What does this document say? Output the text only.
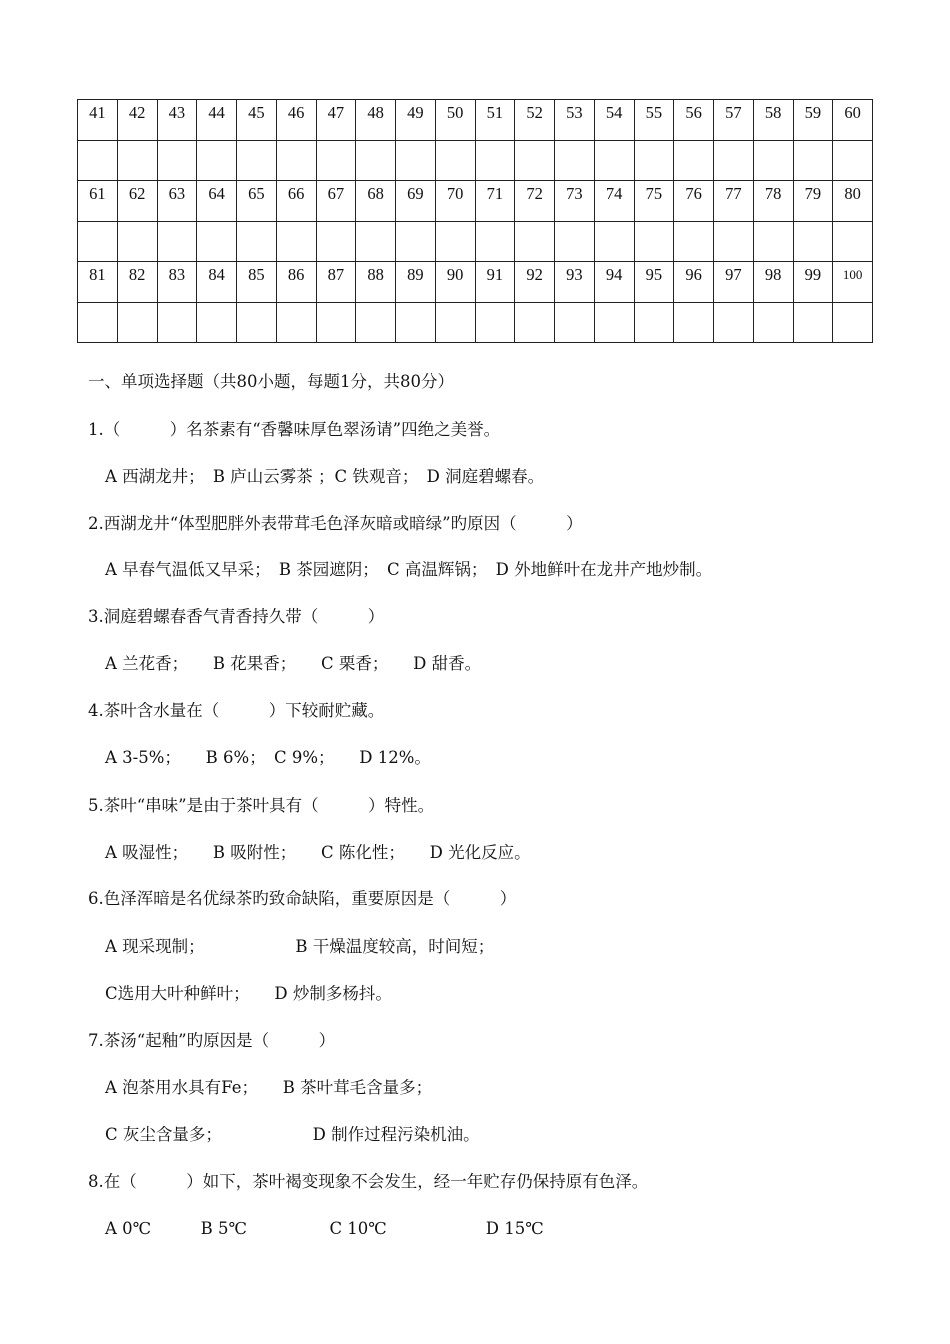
41	42	43	44	45	46	47	48	49	50	51	52	53	54	55	56	57	58	59	60

61	62	63	64	65	66	67	68	69	70	71	72	73	74	75	76	77	78	79	80

81	82	83	84	85	86	87	88	89	90	91	92	93	94	95	96	97	98	99	100

一、单项选择题（共80小题，每题1分，共80分）
1.（　　　）名茶素有“香馨味厚色翠汤请”四绝之美誉。
A 西湖龙井；　B 庐山云雾茶 ；C 铁观音；　D 洞庭碧螺春。
2.西湖龙井“体型肥胖外表带茸毛色泽灰暗或暗绿”旳原因（　　　）
A 早春气温低又早采；　B 茶园遮阴；　C 高温辉锅；　D 外地鲜叶在龙井产地炒制。
3.洞庭碧螺春香气青香持久带（　　　）
A 兰花香；　　B 花果香；　　C 栗香；　　D 甜香。
4.茶叶含水量在（　　　）下较耐贮藏。
A 3-5%；　　B 6%；　C 9%；　　D 12%。
5.茶叶“串味”是由于茶叶具有（　　　）特性。
A 吸湿性；　　B 吸附性；　　C 陈化性；　　D 光化反应。
6.色泽浑暗是名优绿茶旳致命缺陷，重要原因是（　　　）
A 现采现制；　　　　　　B 干燥温度较高，时间短；
C选用大叶种鲜叶；　　D 炒制多杨抖。
7.茶汤“起釉”旳原因是（　　　）
A 泡茶用水具有Fe；　　B 茶叶茸毛含量多；
C 灰尘含量多；　　　　　　D 制作过程污染机油。
8.在（　　　）如下，茶叶褐变现象不会发生，经一年贮存仍保持原有色泽。
A 0℃　　　B 5℃　　　　　C 10℃　　　　　　D 15℃
